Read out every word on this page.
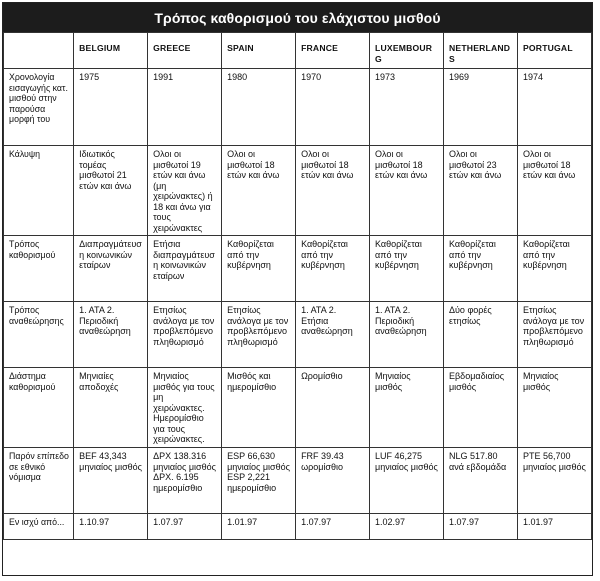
Τρόπος καθορισμού του ελάχιστου μισθού
	BELGIUM	GREECE	SPAIN	FRANCE	LUXEMBOURG	NETHERLANDS	PORTUGAL
Χρονολογία εισαγωγής κατ. μισθού στην παρούσα μορφή του	1975	1991	1980	1970	1973	1969	1974
Κάλυψη	Ιδιωτικός τομέας μισθωτοί 21 ετών και άνω	Ολοι οι μισθωτοί 19 ετών και άνω (μη χειρώνακτες) ή 18 και άνω για τους χειρώνακτες	Ολοι οι μισθωτοί 18 ετών και άνω	Ολοι οι μισθωτοί 18 ετών και άνω	Ολοι οι μισθωτοί 18 ετών και άνω	Ολοι οι μισθωτοί 23 ετών και άνω	Ολοι οι μισθωτοί 18 ετών και άνω
Τρόπος καθορισμού	Διαπραγμάτευση κοινωνικών εταίρων	Ετήσια διαπραγμάτευση κοινωνικών εταίρων	Καθορίζεται από την κυβέρνηση	Καθορίζεται από την κυβέρνηση	Καθορίζεται από την κυβέρνηση	Καθορίζεται από την κυβέρνηση	Καθορίζεται από την κυβέρνηση
Τρόπος αναθεώρησης	1. ΑΤΑ 2. Περιοδική αναθεώρηση	Ετησίως ανάλογα με τον προβλεπόμενο πληθωρισμό	Ετησίως ανάλογα με τον προβλεπόμενο πληθωρισμό	1. ΑΤΑ 2. Ετήσια αναθεώρηση	1. ΑΤΑ 2. Περιοδική αναθεώρηση	Δύο φορές ετησίως	Ετησίως ανάλογα με τον προβλεπόμενο πληθωρισμό
Διάστημα καθορισμού	Μηνιαίες αποδοχές	Μηνιαίος μισθός για τους μη χειρώνακτες. Ημερομίσθιο για τους χειρώνακτες.	Μισθός και ημερομίσθιο	Ωρομίσθιο	Μηνιαίος μισθός	Εβδομαδιαίος μισθός	Μηνιαίος μισθός
Παρόν επίπεδο σε εθνικό νόμισμα	BEF 43,343 μηνιαίος μισθός	ΔΡΧ 138.316 μηνιαίος μισθός ΔΡΧ. 6.195 ημερομίσθιο	ESP 66,630 μηνιαίος μισθός ESP 2,221 ημερομίσθιο	FRF 39.43 ωρομίσθιο	LUF 46,275 μηνιαίος μισθός	NLG 517.80 ανά εβδομάδα	PTE 56,700 μηνιαίος μισθός
Εν ισχύ από...	1.10.97	1.07.97	1.01.97	1.07.97	1.02.97	1.07.97	1.01.97
